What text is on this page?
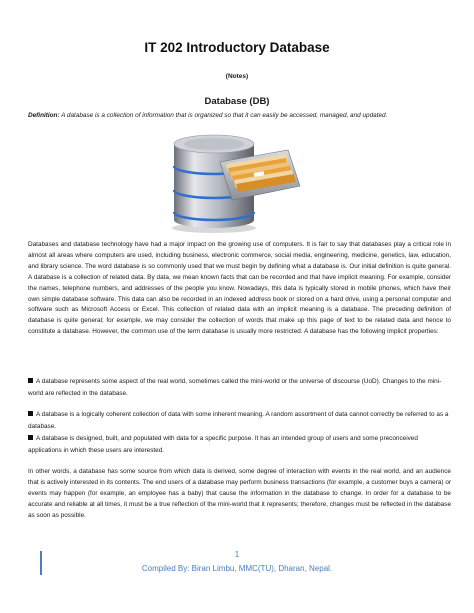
IT 202 Introductory Database
(Notes)
Database (DB)
Definition: A database is a collection of information that is organized so that it can easily be accessed, managed, and updated.
Databases and database technology have had a major impact on the growing use of computers. It is fair to say that databases play a critical role in almost all areas where computers are used, including business, electronic commerce, social media, engineering, medicine, genetics, law, education, and library science. The word database is so commonly used that we must begin by defining what a database is. Our initial definition is quite general. A database is a collection of related data. By data, we mean known facts that can be recorded and that have implicit meaning. For example, consider the names, telephone numbers, and addresses of the people you know. Nowadays, this data is typically stored in mobile phones, which have their own simple database software. This data can also be recorded in an indexed address book or stored on a hard drive, using a personal computer and software such as Microsoft Access or Excel. This collection of related data with an implicit meaning is a database. The preceding definition of database is quite general; for example, we may consider the collection of words that make up this page of text to be related data and hence to constitute a database. However, the common use of the term database is usually more restricted. A database has the following implicit properties:
A database represents some aspect of the real world, sometimes called the mini-world or the universe of discourse (UoD). Changes to the mini-world are reflected in the database.
A database is a logically coherent collection of data with some inherent meaning. A random assortment of data cannot correctly be referred to as a database.
A database is designed, built, and populated with data for a specific purpose. It has an intended group of users and some preconceived applications in which these users are interested.
In other words, a database has some source from which data is derived, some degree of interaction with events in the real world, and an audience that is actively interested in its contents. The end users of a database may perform business transactions (for example, a customer buys a camera) or events may happen (for example, an employee has a baby) that cause the information in the database to change. In order for a database to be accurate and reliable at all times, it must be a true reflection of the mini-world that it represents; therefore, changes must be reflected in the database as soon as possible.
1
Compiled By: Biran Limbu, MMC(TU), Dharan, Nepal.
